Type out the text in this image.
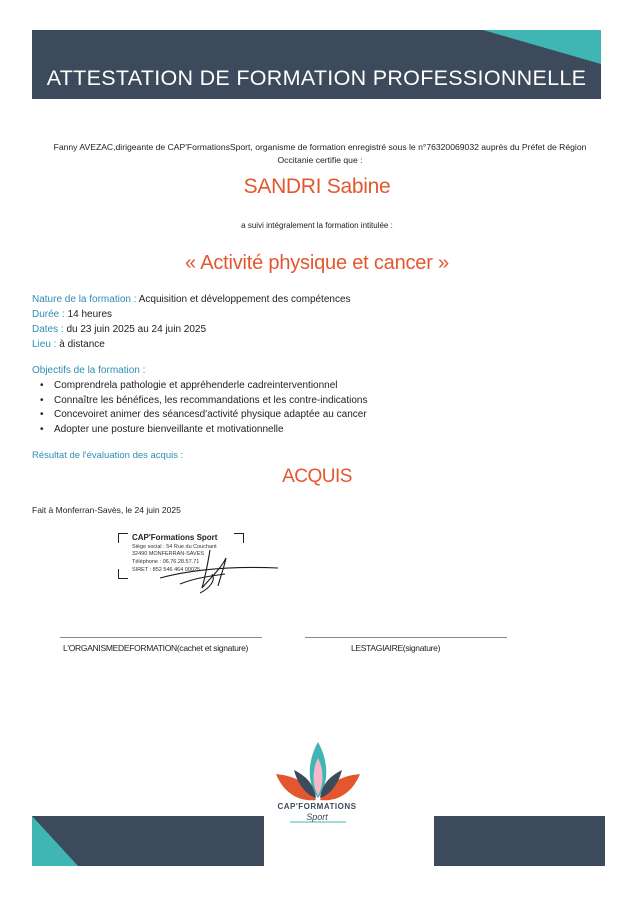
ATTESTATION DE FORMATION PROFESSIONNELLE
Fanny AVEZAC,dirigeante de CAP'FormationsSport, organisme de formation enregistré sous le n°76320069032 auprès du Préfet de Région Occitanie certifie que :
SANDRI Sabine
a suivi intégralement la formation intitulée :
« Activité physique et cancer »
Nature de la formation : Acquisition et développement des compétences
Durée : 14 heures
Dates : du 23 juin 2025 au 24 juin 2025
Lieu : à distance
Objectifs de la formation :
• Comprendrela pathologie et appréhenderle cadreinterventionnel
• Connaître les bénéfices, les recommandations et les contre-indications
• Concevoiret animer des séancesd'activité physique adaptée au cancer
• Adopter une posture bienveillante et motivationnelle
Résultat de l'évaluation des acquis :
ACQUIS
Fait à Monferran-Savès, le 24 juin 2025
CAP'Formations Sport
Siège social : 54 Rue du Couchant
32490 MONFERRAN-SAVES
Téléphone : 06.76.28.57.71
SIRET : 852 546 464 00025
L'ORGANISMEDEFORMATION(cachet et signature)	LESTAGIAIRE(signature)
CAP'FORMATIONS
Sport
